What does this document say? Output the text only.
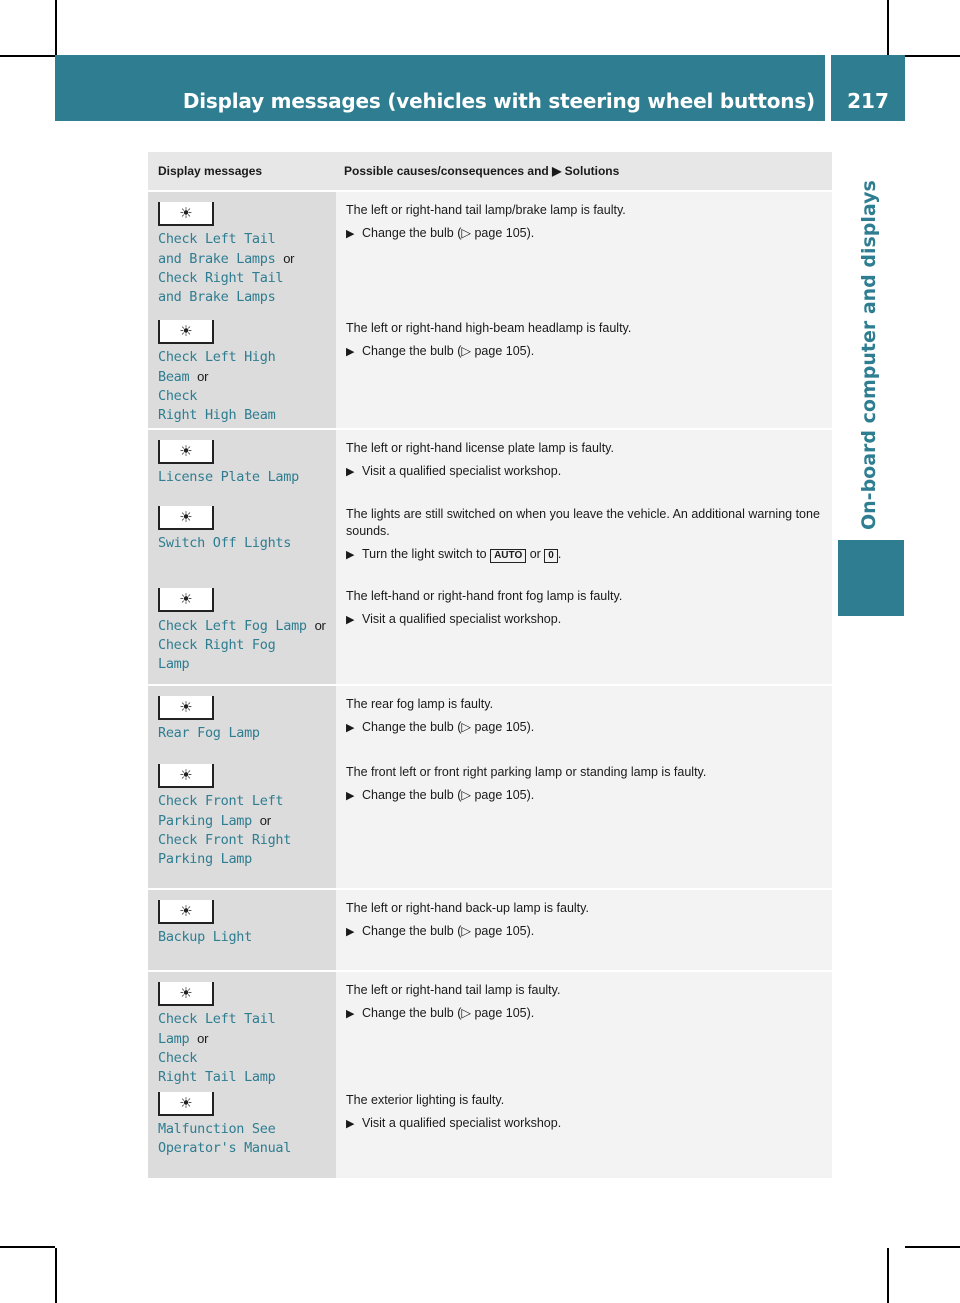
Display messages (vehicles with steering wheel buttons)	217
On-board computer and displays
Display messages	Possible causes/consequences and ▶ Solutions
☀
Check Left Tail
and Brake Lamps or
Check Right Tail
and Brake Lamps
☀
Check Left High
Beam or
Check
Right High Beam

The left or right-hand tail lamp/brake lamp is faulty.

▶ Change the bulb (▷ page 105).

The left or right-hand high-beam headlamp is faulty.

▶ Change the bulb (▷ page 105).

☀
License Plate Lamp
☀
Switch Off Lights
☀
Check Left Fog Lamp or
Check Right Fog
Lamp

The left or right-hand license plate lamp is faulty.

▶ Visit a qualified specialist workshop.

The lights are still switched on when you leave the vehicle. An additional warning tone sounds.

▶ Turn the light switch to AUTO or 0 .

The left-hand or right-hand front fog lamp is faulty.

▶ Visit a qualified specialist workshop.

☀
Rear Fog Lamp
☀
Check Front Left
Parking Lamp or
Check Front Right
Parking Lamp

The rear fog lamp is faulty.

▶ Change the bulb (▷ page 105).

The front left or front right parking lamp or standing lamp is faulty.

▶ Change the bulb (▷ page 105).

☀
Backup Light

The left or right-hand back-up lamp is faulty.

▶ Change the bulb (▷ page 105).

☀
Check Left Tail
Lamp or
Check
Right Tail Lamp
☀
Malfunction See
Operator's Manual

The left or right-hand tail lamp is faulty.

▶ Change the bulb (▷ page 105).

The exterior lighting is faulty.

▶ Visit a qualified specialist workshop.
